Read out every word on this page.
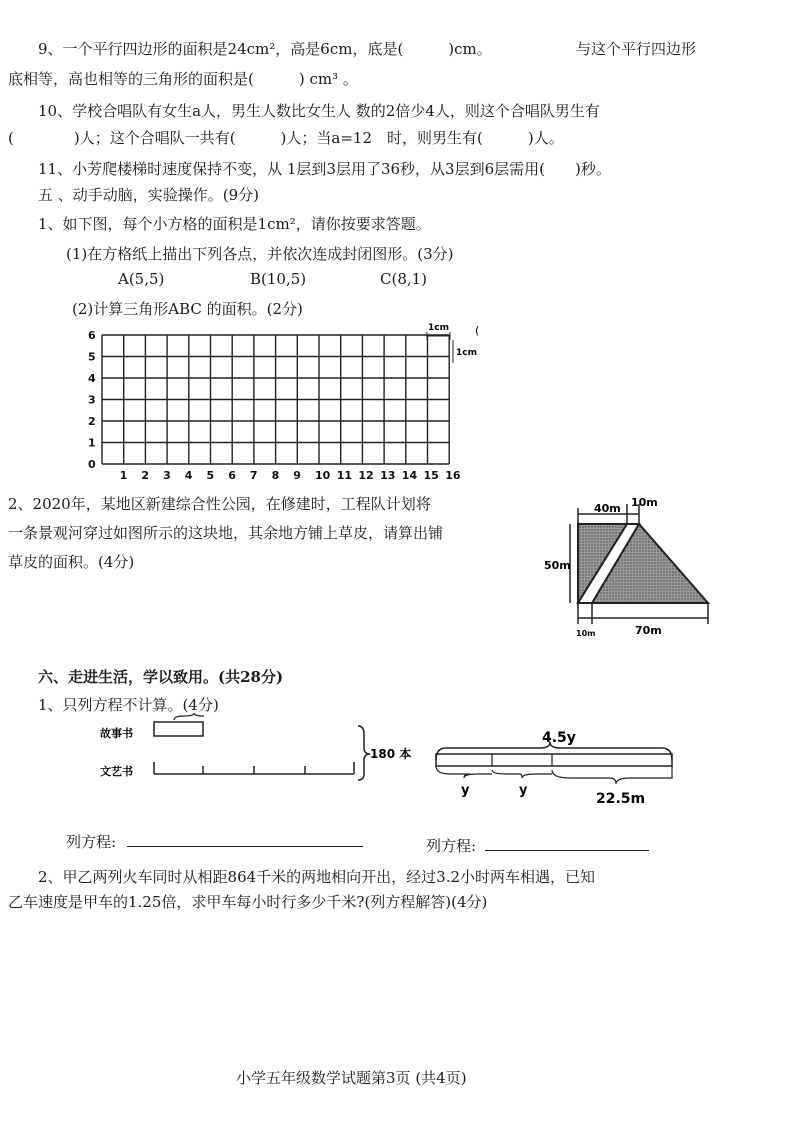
9、一个平行四边形的面积是24cm²，高是6cm，底是(　　　)cm。	与这个平行四边形
底相等，高也相等的三角形的面积是(　　　) cm³ 。
10、学校合唱队有女生a人，男生人数比女生人 数的2倍少4人，则这个合唱队男生有
(　　　　)人；这个合唱队一共有(　　　)人；当a=12　时，则男生有(　　　)人。
11、小芳爬楼梯时速度保持不变，从 1层到3层用了36秒，从3层到6层需用(　　)秒。
五 、动手动脑，实验操作。(9分)
1、如下图，每个小方格的面积是1cm²，请你按要求答题。
(1)在方格纸上描出下列各点，并依次连成封闭图形。(3分)
A(5,5)	B(10,5)	C(8,1)
(2)计算三角形ABC 的面积。(2分)
1 2 3 4 5 6 7 8 9 10 11 12 13 14 15 16
0
1
2
3
4
5
6
1cm
1cm
(
2、2020年，某地区新建综合性公园，在修建时，工程队计划将
一条景观河穿过如图所示的这块地，其余地方铺上草皮，请算出铺
草皮的面积。(4分)
40m 10m
50m
10m	70m
六、走进生活，学以致用。(共28分)
1、只列方程不计算。(4分)
故事书
文艺书
180 本
4.5y
y	y
22.5m
列方程:	列方程:
2、甲乙两列火车同时从相距864千米的两地相向开出，经过3.2小时两车相遇，已知
乙车速度是甲车的1.25倍，求甲车每小时行多少千米?(列方程解答)(4分)
小学五年级数学试题第3页 (共4页)
